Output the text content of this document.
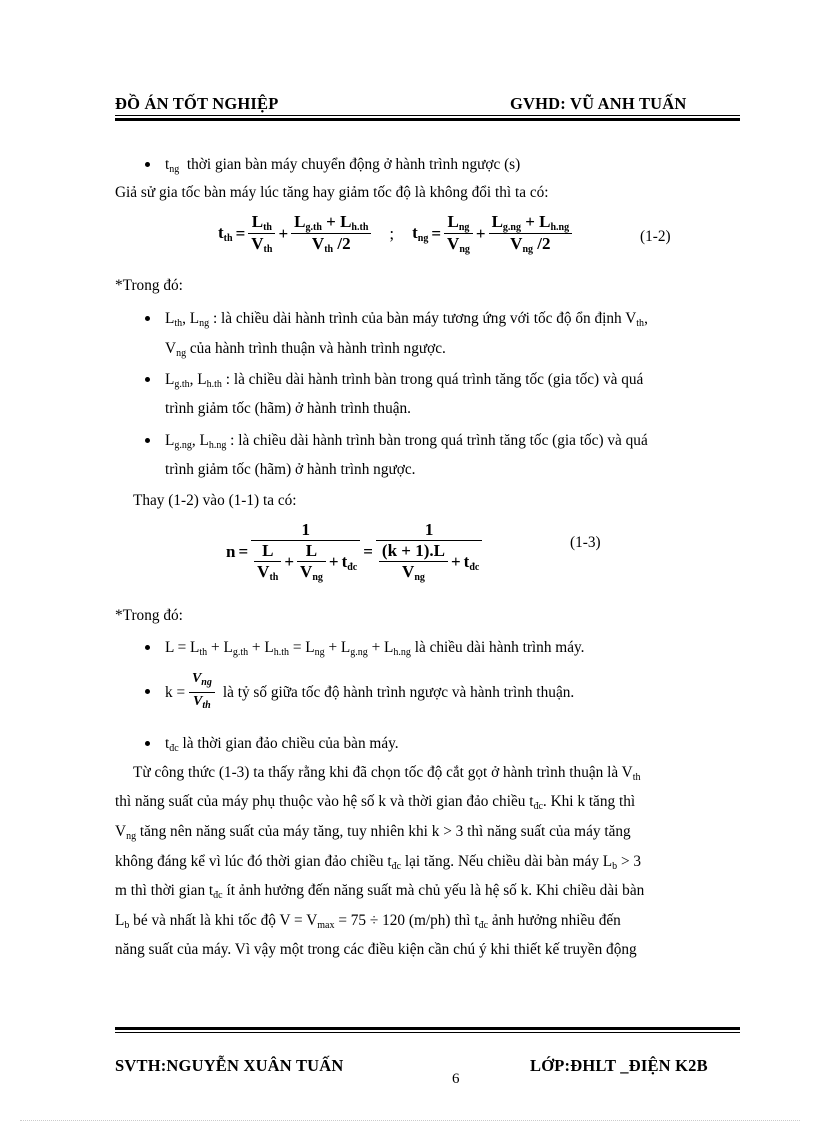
ĐỒ ÁN TỐT NGHIỆP	GVHD: VŨ ANH TUẤN
$t_{ng}$ thời gian bàn máy chuyển động ở hành trình ngược (s)
Giả sử gia tốc bàn máy lúc tăng hay giảm tốc độ là không đổi thì ta có:
tth = $\frac{\text{Lth}}{\text{Vth}} + \frac{Lg.th + Lh.th}{\text{Vth /2}}$ ; tng = $\frac{\text{Lng}}{\text{Vng}} + \frac{Lg.ng + Lh.ng}{\text{Vng /2}}$	(1-2)
*Trong đó:
$L_{th}$, $L_{ng}$ : là chiều dài hành trình của bàn máy tương ứng với tốc độ ổn định $V_{th}$,
$V_{ng}$ của hành trình thuận và hành trình ngược.
$L_{g.th}$, $L_{h.th}$ : là chiều dài hành trình bàn trong quá trình tăng tốc (gia tốc) và quá
trình giảm tốc (hãm) ở hành trình thuận.
$L_{g.ng}$, $L_{h.ng}$ : là chiều dài hành trình bàn trong quá trình tăng tốc (gia tốc) và quá
trình giảm tốc (hãm) ở hành trình ngược.
Thay (1-2) vào (1-1) ta có:
$n = \frac{1}{\frac{L}{\text{Vth}} + \frac{L}{\text{Vng}} + tđc} = \frac{1}{\frac{(k + 1).L}{\text{Vng}} + tđc}$	(1-3)
*Trong đó:
$L = L_{th} + L_{g.th} + L_{h.th} = L_{ng} + L_{g.ng} + L_{h.ng}$ là chiều dài hành trình máy.
$k = \frac{V_{ng}}{V_{th}}$ là tỷ số giữa tốc độ hành trình ngược và hành trình thuận.
$t_{đc}$ là thời gian đảo chiều của bàn máy.
Từ công thức (1-3) ta thấy rằng khi đã chọn tốc độ cắt gọt ở hành trình thuận là $V_{th}$
thì năng suất của máy phụ thuộc vào hệ số k và thời gian đảo chiều $t_{đc}$. Khi k tăng thì
$V_{ng}$ tăng nên năng suất của máy tăng, tuy nhiên khi k > 3 thì năng suất của máy tăng
không đáng kể vì lúc đó thời gian đảo chiều $t_{đc}$ lại tăng. Nếu chiều dài bàn máy $L_b > 3$
m thì thời gian $t_{đc}$ ít ảnh hưởng đến năng suất mà chủ yếu là hệ số k. Khi chiều dài bàn
$L_b$ bé và nhất là khi tốc độ $V = V_{max} = 75 \div 120$ (m/ph) thì $t_{đc}$ ảnh hưởng nhiều đến
năng suất của máy. Vì vậy một trong các điều kiện cần chú ý khi thiết kế truyền động
SVTH:NGUYỄN XUÂN TUẤN	LỚP:ĐHLT _ĐIỆN K2B
6
